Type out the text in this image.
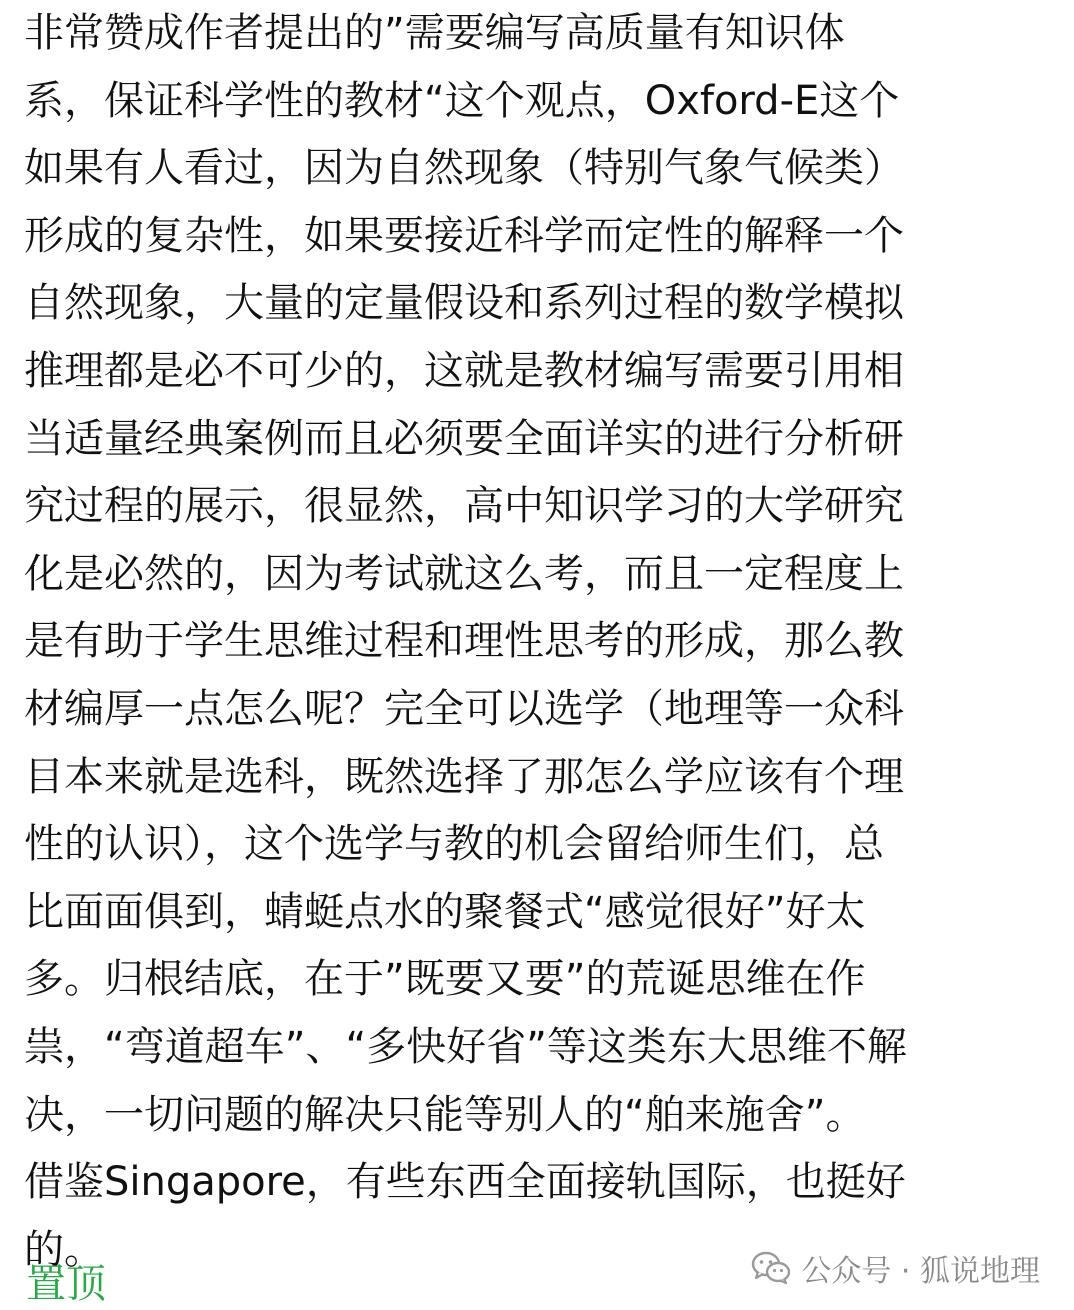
非常赞成作者提出的”需要编写高质量有知识体
系，保证科学性的教材“这个观点，Oxford-E这个
如果有人看过，因为自然现象（特别气象气候类）
形成的复杂性，如果要接近科学而定性的解释一个
自然现象，大量的定量假设和系列过程的数学模拟
推理都是必不可少的，这就是教材编写需要引用相
当适量经典案例而且必须要全面详实的进行分析研
究过程的展示，很显然，高中知识学习的大学研究
化是必然的，因为考试就这么考，而且一定程度上
是有助于学生思维过程和理性思考的形成，那么教
材编厚一点怎么呢？完全可以选学（地理等一众科
目本来就是选科，既然选择了那怎么学应该有个理
性的认识），这个选学与教的机会留给师生们，总
比面面俱到，蜻蜓点水的聚餐式“感觉很好”好太
多。归根结底，在于”既要又要”的荒诞思维在作
祟，“弯道超车”、“多快好省”等这类东大思维不解
决，一切问题的解决只能等别人的“舶来施舍”。
借鉴Singapore，有些东西全面接轨国际，也挺好
的。
置顶	公众号 · 狐说地理
